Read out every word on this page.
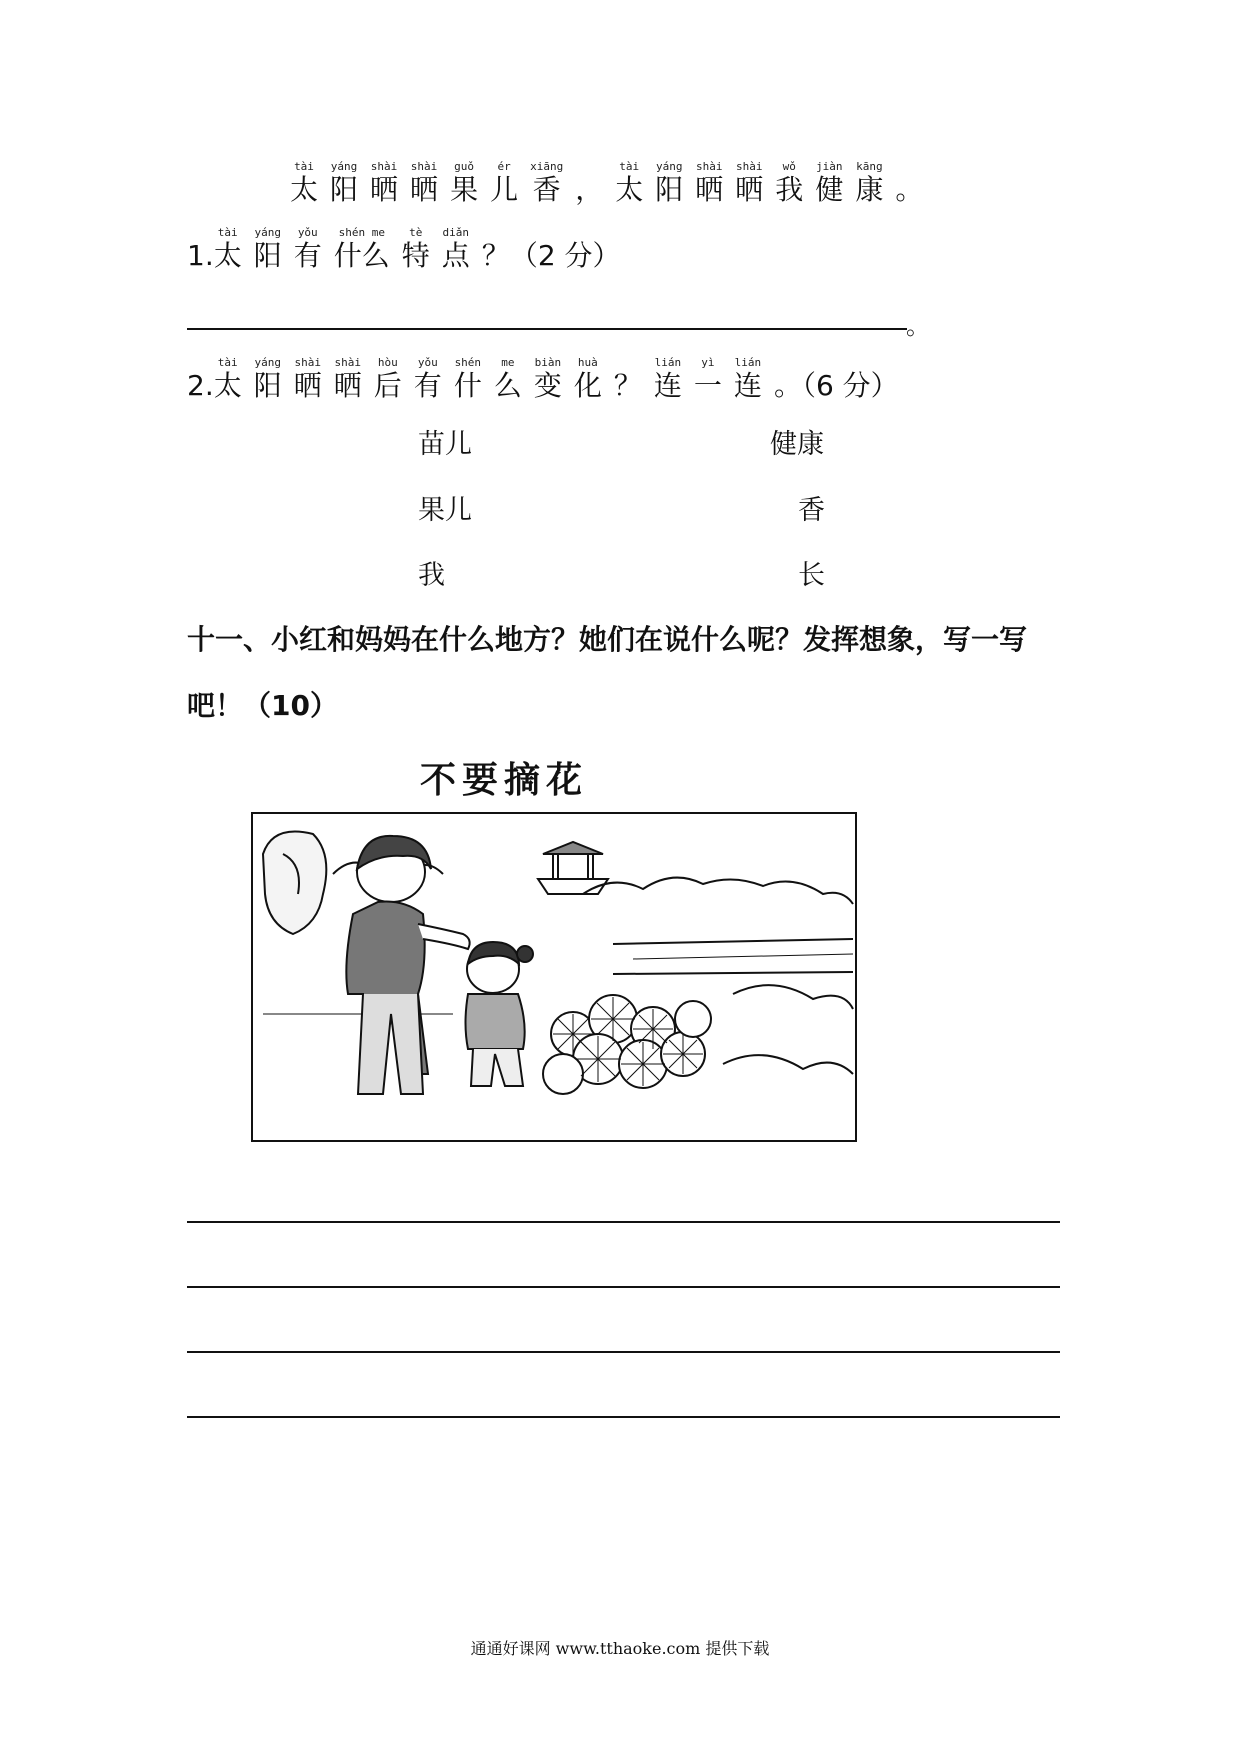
tài
太
yáng
阳
shài
晒
shài
晒
guǒ
果
ér
儿
xiāng
香 ，
tài
太
yáng
阳
shài
晒
shài
晒
wǒ
我
jiàn
健
kāng
康 。
1.
tài
太
yáng
阳
yǒu
有
shén me
什么
tè
特
diǎn
点 ？（2 分）
。
2.
tài
太
yáng
阳
shài
晒
shài
晒
hòu
后
yǒu
有
shén
什
me
么
biàn
变
huà
化 ？
lián
连
yì
一
lián
连 。（6 分）
苗儿
果儿
我
健康
香
长
十一、小红和妈妈在什么地方？她们在说什么呢？发挥想象，写一写
吧！（10）
不要摘花
通通好课网 www.tthaoke.com 提供下载
